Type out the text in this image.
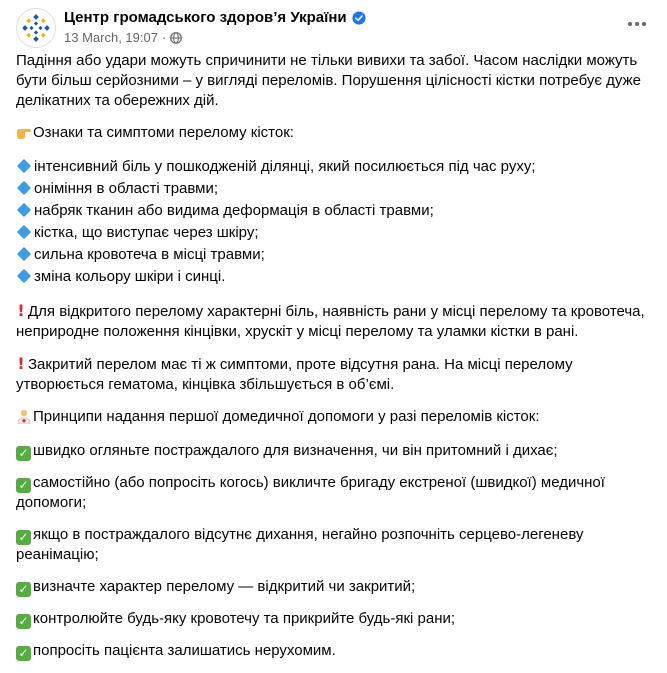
Центр громадського здоров’я України
13 March, 19:07 ·

Падіння або удари можуть спричинити не тільки вивихи та забої. Часом наслідки можуть бути більш серйозними – у вигляді переломів. Порушення цілісності кістки потребує дуже делікатних та обережних дій.

Ознаки та симптоми перелому кісток:
інтенсивний біль у пошкодженій ділянці, який посилюється під час руху;
оніміння в області травми;
набряк тканин або видима деформація в області травми;
кістка, що виступає через шкіру;
сильна кровотеча в місці травми;
зміна кольору шкіри і синці.

! Для відкритого перелому характерні біль, наявність рани у місці перелому та кровотеча, неприродне положення кінцівки, хрускіт у місці перелому та уламки кістки в рані.

! Закритий перелом має ті ж симптоми, проте відсутня рана. На місці перелому утворюється гематома, кінцівка збільшується в об’ємі.

Принципи надання першої домедичної допомоги у разі переломів кісток:

✓ швидко огляньте постраждалого для визначення, чи він притомний і дихає;

✓ самостійно (або попросіть когось) викличте бригаду екстреної (швидкої) медичної допомоги;

✓ якщо в постраждалого відсутнє дихання, негайно розпочніть серцево-легеневу реанімацію;

✓ визначте характер перелому — відкритий чи закритий;

✓ контролюйте будь-яку кровотечу та прикрийте будь-які рани;

✓ попросіть пацієнта залишатись нерухомим.
